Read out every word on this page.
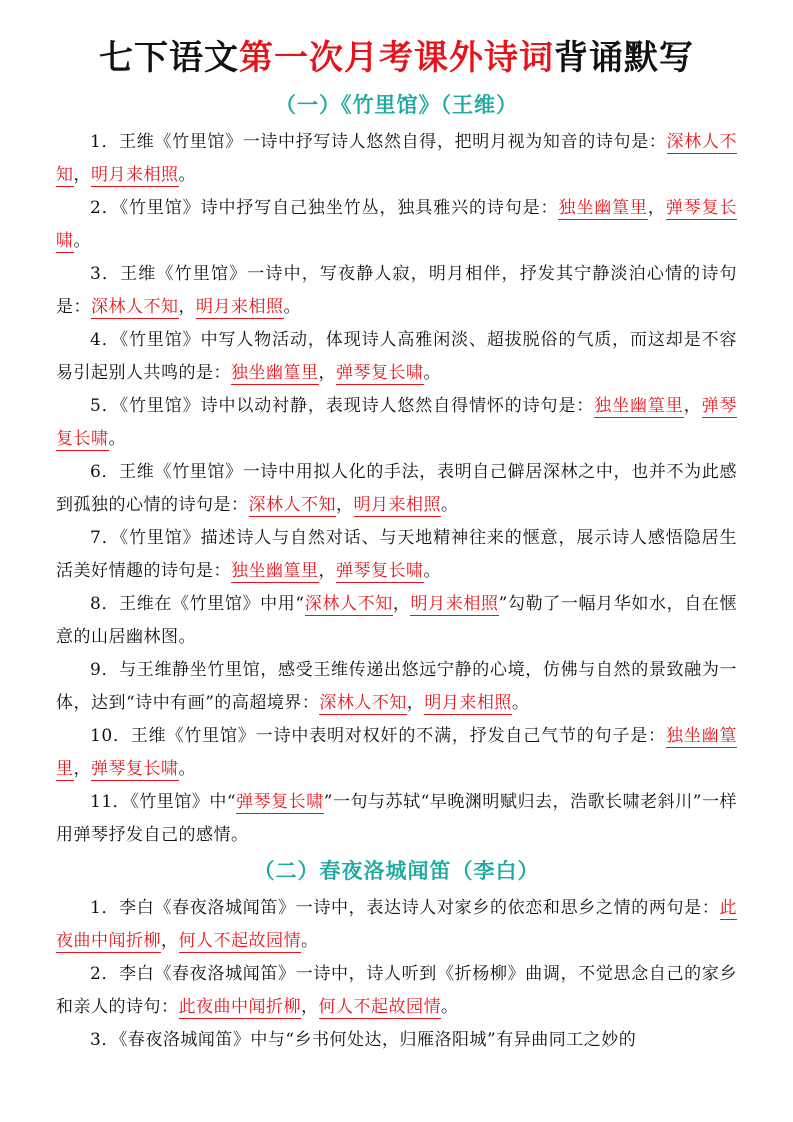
七下语文第一次月考课外诗词背诵默写
（一）《竹里馆》（王维）

1．王维《竹里馆》一诗中抒写诗人悠然自得，把明月视为知音的诗句是：深林人不知，明月来相照。

2．《竹里馆》诗中抒写自己独坐竹丛，独具雅兴的诗句是：独坐幽篁里，弹琴复长啸。

3．王维《竹里馆》一诗中，写夜静人寂，明月相伴，抒发其宁静淡泊心情的诗句是：深林人不知，明月来相照。

4．《竹里馆》中写人物活动，体现诗人高雅闲淡、超拔脱俗的气质，而这却是不容易引起别人共鸣的是：独坐幽篁里，弹琴复长啸。

5．《竹里馆》诗中以动衬静，表现诗人悠然自得情怀的诗句是：独坐幽篁里，弹琴复长啸。

6．王维《竹里馆》一诗中用拟人化的手法，表明自己僻居深林之中，也并不为此感到孤独的心情的诗句是：深林人不知，明月来相照。

7．《竹里馆》描述诗人与自然对话、与天地精神往来的惬意，展示诗人感悟隐居生活美好情趣的诗句是：独坐幽篁里，弹琴复长啸。

8．王维在《竹里馆》中用“深林人不知，明月来相照”勾勒了一幅月华如水，自在惬意的山居幽林图。

9．与王维静坐竹里馆，感受王维传递出悠远宁静的心境，仿佛与自然的景致融为一体，达到“诗中有画”的高超境界：深林人不知，明月来相照。

10．王维《竹里馆》一诗中表明对权奸的不满，抒发自己气节的句子是：独坐幽篁里，弹琴复长啸。

11．《竹里馆》中“弹琴复长啸”一句与苏轼“早晚渊明赋归去，浩歌长啸老斜川”一样用弹琴抒发自己的感情。

（二）春夜洛城闻笛（李白）

1．李白《春夜洛城闻笛》一诗中，表达诗人对家乡的依恋和思乡之情的两句是：此夜曲中闻折柳，何人不起故园情。

2．李白《春夜洛城闻笛》一诗中，诗人听到《折杨柳》曲调，不觉思念自己的家乡和亲人的诗句：此夜曲中闻折柳，何人不起故园情。

3．《春夜洛城闻笛》中与“乡书何处达，归雁洛阳城”有异曲同工之妙的
